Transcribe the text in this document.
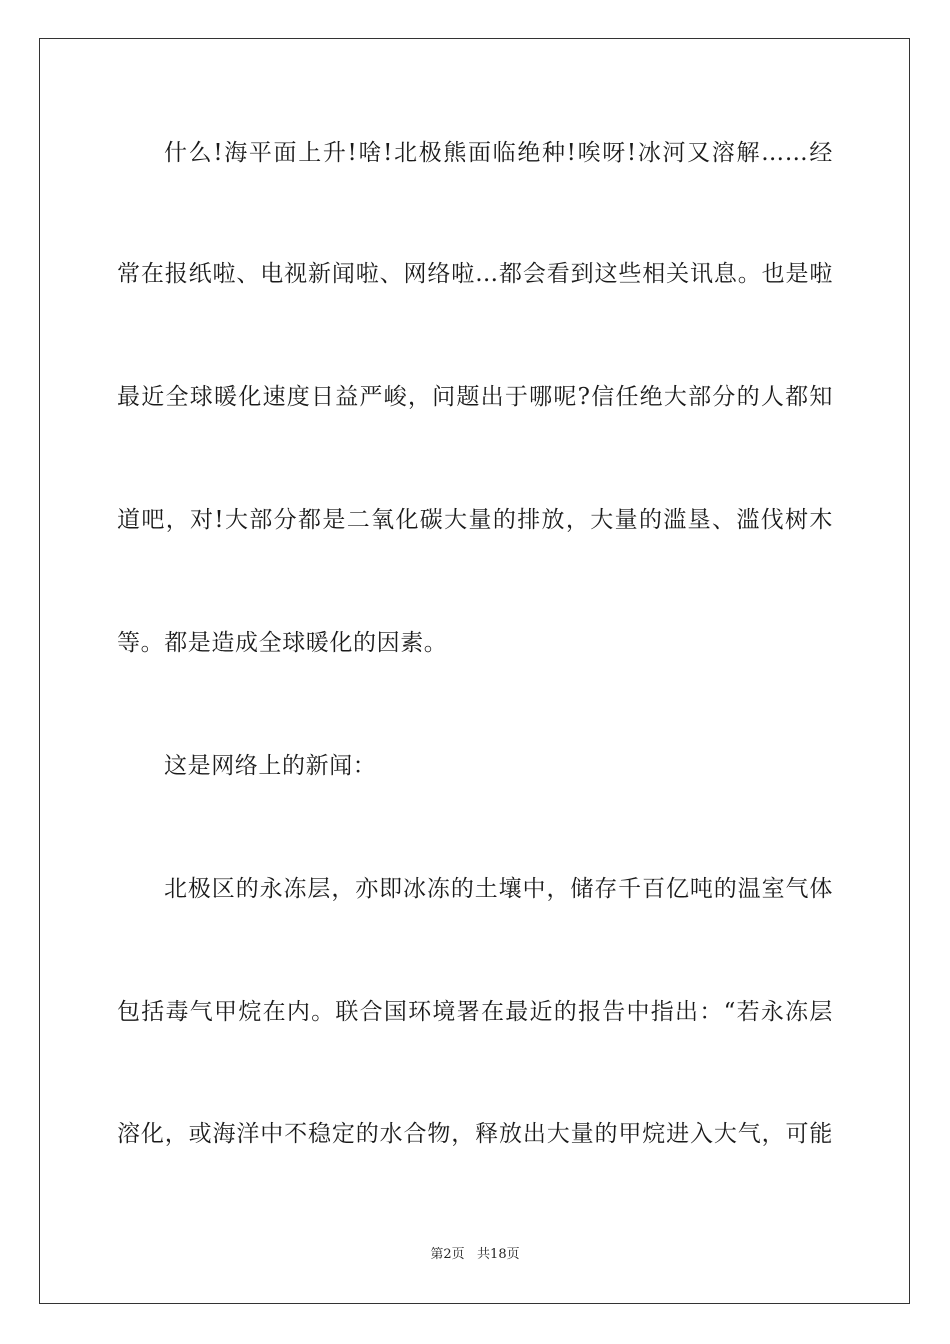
什么!海平面上升!啥!北极熊面临绝种!唉呀!冰河又溶解……经
常在报纸啦、电视新闻啦、网络啦…都会看到这些相关讯息。也是啦
最近全球暖化速度日益严峻，问题出于哪呢?信任绝大部分的人都知
道吧，对!大部分都是二氧化碳大量的排放，大量的滥垦、滥伐树木
等。都是造成全球暖化的因素。
这是网络上的新闻：
北极区的永冻层，亦即冰冻的土壤中，储存千百亿吨的温室气体
包括毒气甲烷在内。联合国环境署在最近的报告中指出：“若永冻层
溶化，或海洋中不稳定的水合物，释放出大量的甲烷进入大气，可能
第2页   共18页
